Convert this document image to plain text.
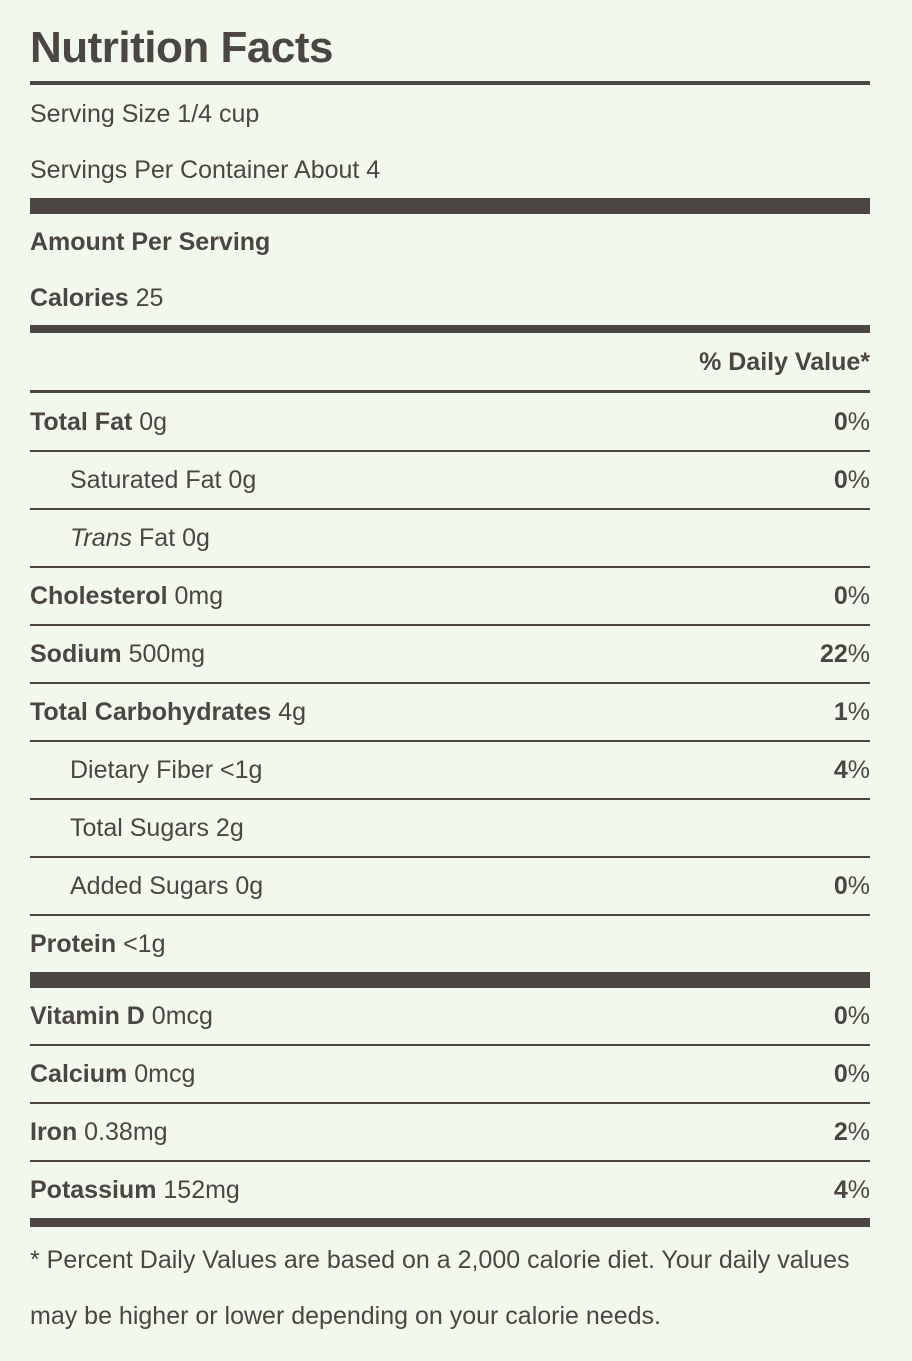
Nutrition Facts
Serving Size 1/4 cup
Servings Per Container About 4
Amount Per Serving
Calories 25
% Daily Value*
Total Fat 0g	0%
Saturated Fat 0g	0%
Trans Fat 0g
Cholesterol 0mg	0%
Sodium 500mg	22%
Total Carbohydrates 4g	1%
Dietary Fiber <1g	4%
Total Sugars 2g
Added Sugars 0g	0%
Protein <1g
Vitamin D 0mcg	0%
Calcium 0mcg	0%
Iron 0.38mg	2%
Potassium 152mg	4%
* Percent Daily Values are based on a 2,000 calorie diet. Your daily values may be higher or lower depending on your calorie needs.
